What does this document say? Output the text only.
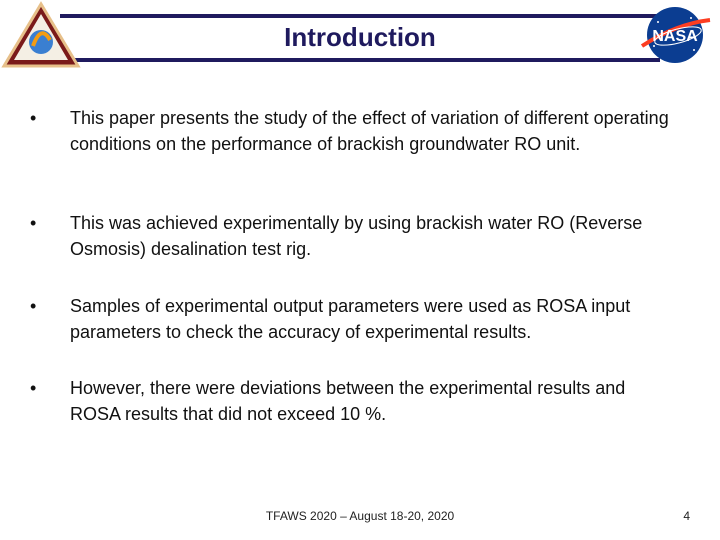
FAWLKES LEADERSHIP
Introduction	NASA
•	This paper presents the study of the effect of variation of different operating conditions on the performance of brackish groundwater RO unit.
•	This was achieved experimentally by using brackish water RO (Reverse Osmosis) desalination test rig.
•	Samples of experimental output parameters were used as ROSA input parameters to check the accuracy of experimental results.
•	However, there were deviations between the experimental results and ROSA results that did not exceed 10 %.
TFAWS 2020 – August 18-20, 2020	4
